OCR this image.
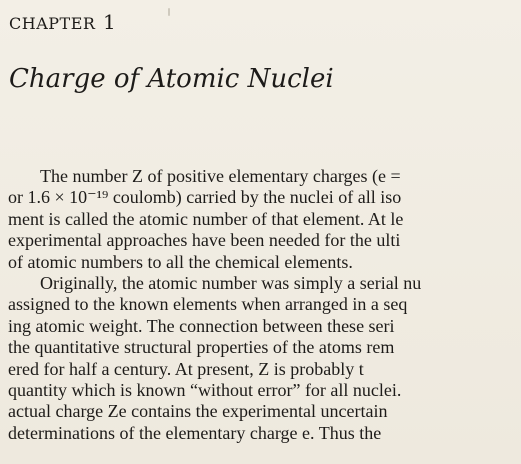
CHAPTER 1
Charge of Atomic Nuclei
The number Z of positive elementary charges (e =
or 1.6 × 10⁻¹⁹ coulomb) carried by the nuclei of all iso
ment is called the atomic number of that element. At le
experimental approaches have been needed for the ulti
of atomic numbers to all the chemical elements.
Originally, the atomic number was simply a serial nu
assigned to the known elements when arranged in a seq
ing atomic weight. The connection between these seri
the quantitative structural properties of the atoms rem
ered for half a century. At present, Z is probably t
quantity which is known “without error” for all nuclei.
actual charge Ze contains the experimental uncertain
determinations of the elementary charge e. Thus the
